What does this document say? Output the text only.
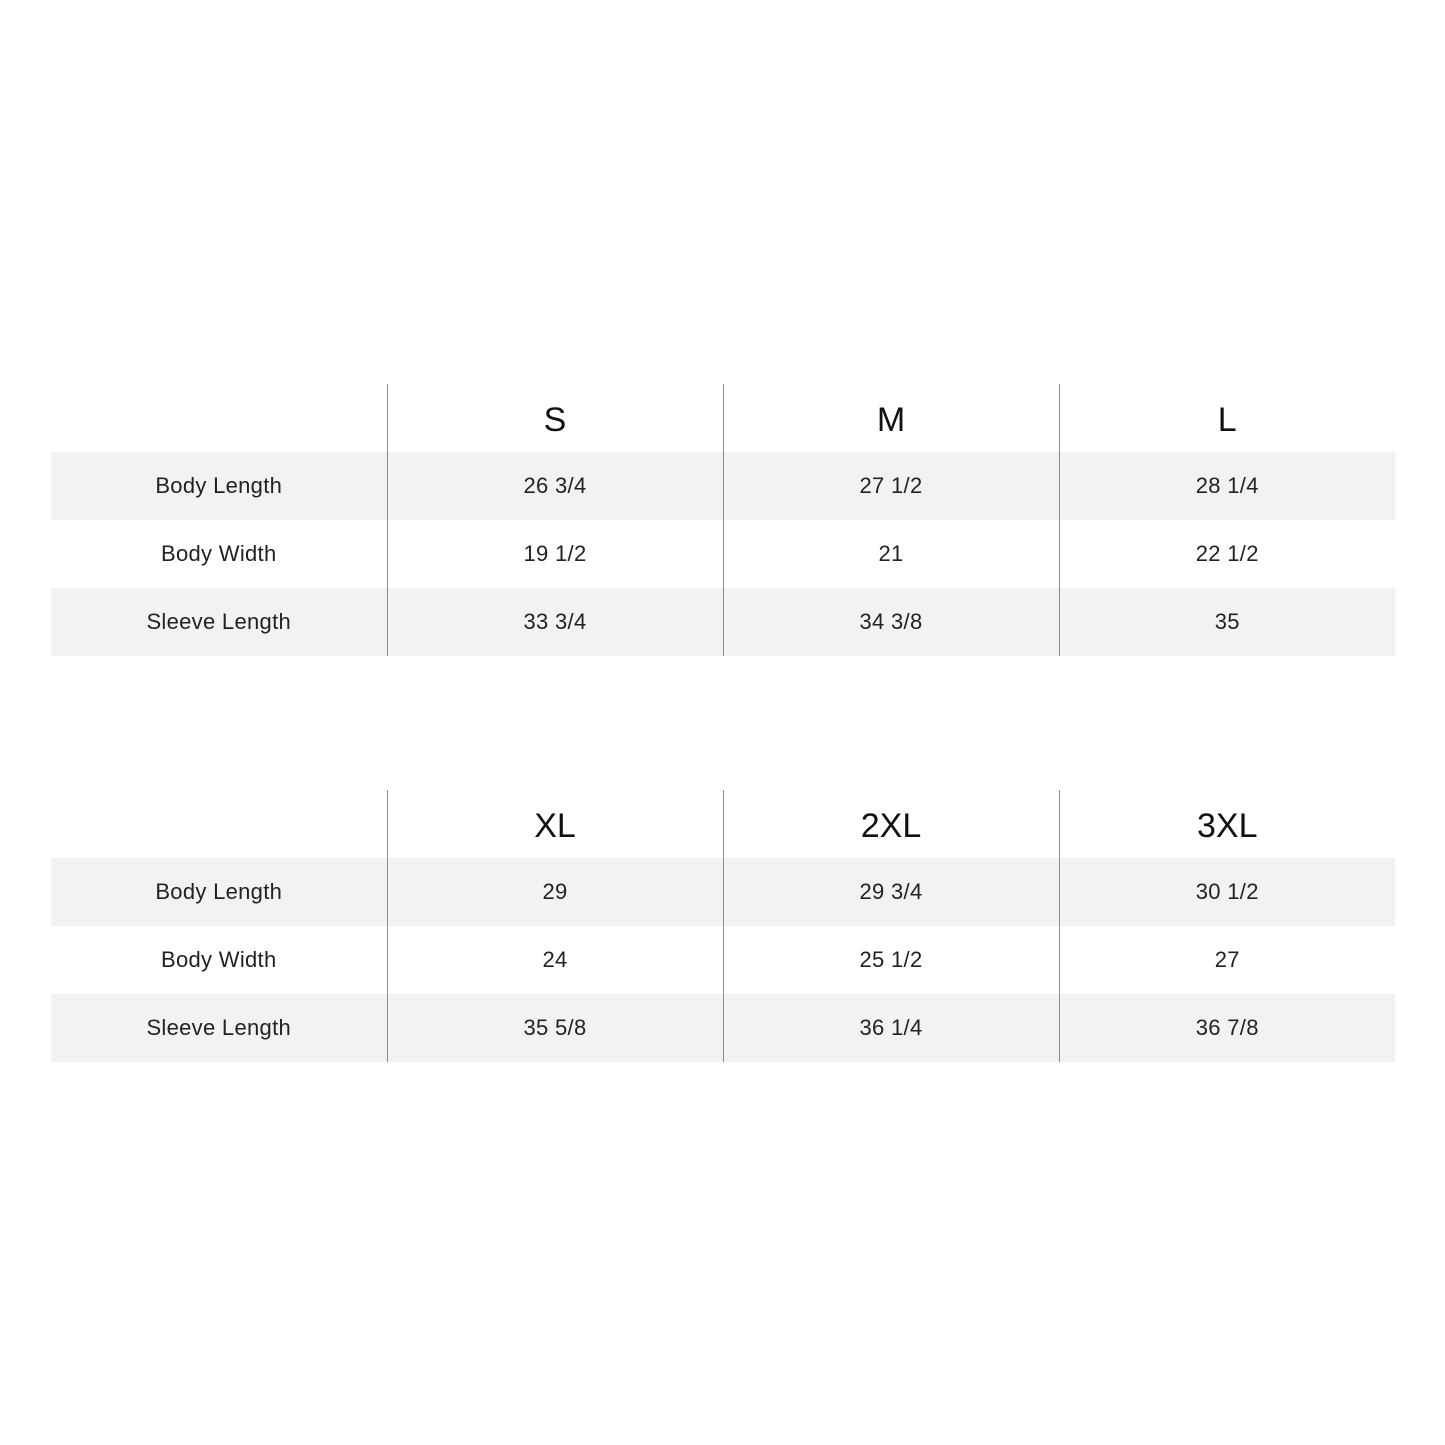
	S	M	L
Body Length	26 3/4	27 1/2	28 1/4
Body Width	19 1/2	21	22 1/2
Sleeve Length	33 3/4	34 3/8	35
	XL	2XL	3XL
Body Length	29	29 3/4	30 1/2
Body Width	24	25 1/2	27
Sleeve Length	35 5/8	36 1/4	36 7/8
